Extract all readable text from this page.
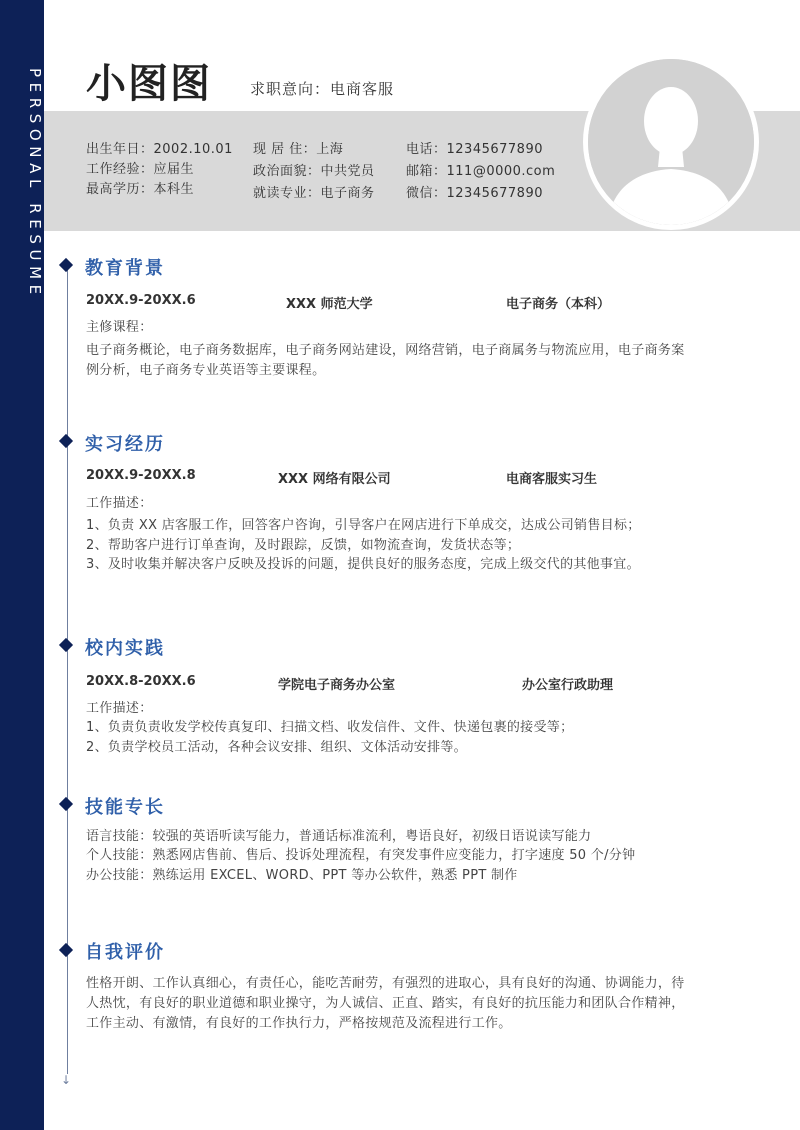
PERSONAL RESUME 小图图	求职意向：电商客服
出生年日：2002.10.01 现 居 住：上海	电话：12345677890
工作经验：应届生	政治面貌：中共党员 邮箱：111@0000.com
最高学历：本科生	就读专业：电子商务 微信：12345677890
↓
教育背景
20XX.9-20XX.6	XXX 师范大学	电子商务（本科）
主修课程：
电子商务概论，电子商务数据库，电子商务网站建设，网络营销，电子商属务与物流应用，电子商务案
例分析，电子商务专业英语等主要课程。
实习经历
20XX.9-20XX.8	XXX 网络有限公司	电商客服实习生
工作描述：
1、负责 XX 店客服工作，回答客户咨询，引导客户在网店进行下单成交，达成公司销售目标；
2、帮助客户进行订单查询，及时跟踪，反馈，如物流查询，发货状态等；
3、及时收集并解决客户反映及投诉的问题，提供良好的服务态度，完成上级交代的其他事宜。
校内实践
20XX.8-20XX.6	学院电子商务办公室	办公室行政助理
工作描述：
1、负责负责收发学校传真复印、扫描文档、收发信件、文件、快递包裹的接受等；
2、负责学校员工活动，各种会议安排、组织、文体活动安排等。
技能专长
语言技能：较强的英语听读写能力，普通话标准流利，粤语良好，初级日语说读写能力
个人技能：熟悉网店售前、售后、投诉处理流程，有突发事件应变能力，打字速度 50 个/分钟
办公技能：熟练运用 EXCEL、WORD、PPT 等办公软件，熟悉 PPT 制作
自我评价
性格开朗、工作认真细心，有责任心，能吃苦耐劳，有强烈的进取心，具有良好的沟通、协调能力，待
人热忱，有良好的职业道德和职业操守，为人诚信、正直、踏实，有良好的抗压能力和团队合作精神，
工作主动、有激情，有良好的工作执行力，严格按规范及流程进行工作。
